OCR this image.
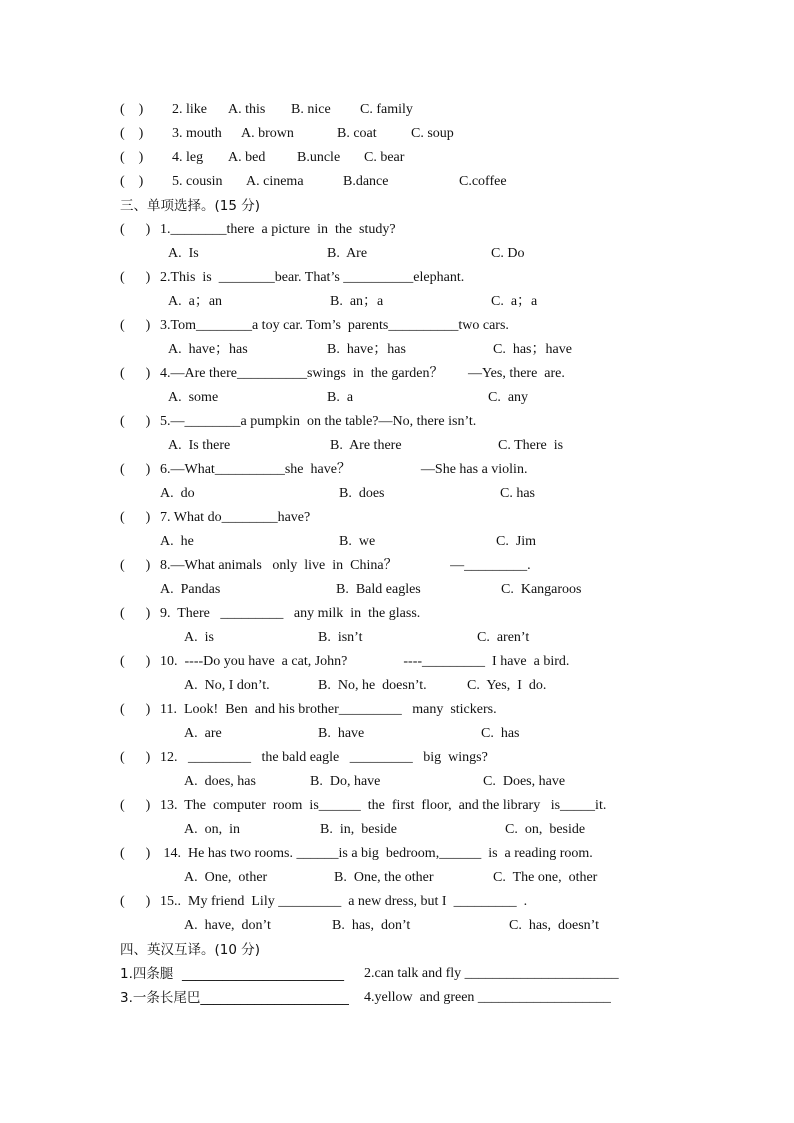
(    )	2. like A. this B. nice C. family
(    )	3. mouth A. brown	B. coat C. soup
(    )	4. leg A. bed B.uncle C. bear
(    )	5. cousin A. cinema	B.dance	C.coffee
三、单项选择。(15 分)
(      ) 1.________there  a picture  in  the  study?
A.  Is	B.  Are	C. Do
(      ) 2.This  is  ________bear. That’s __________elephant.
A.  a；an	B.  an；a	C.  a；a
(      ) 3.Tom________a toy car. Tom’s  parents__________two cars.
A.  have；has	B.  have；has	C.  has；have
(      ) 4.—Are there__________swings  in  the garden？       —Yes, there  are.
A.  some	B.  a	C.  any
(      ) 5.—________a pumpkin  on the table?—No, there isn’t.
A.  Is there	B.  Are there	C. There  is
(      ) 6.—What__________she  have？                    —She has a violin.
A.  do	B.  does	C. has
(      ) 7. What do________have?
A.  he	B.  we	C.  Jim
(      ) 8.—What animals   only  live  in  China？               —_________.
A.  Pandas	B.  Bald eagles	C.  Kangaroos
(      ) 9.  There   _________   any milk  in  the glass.
A.  is	B.  isn’t	C.  aren’t
(      ) 10.  ----Do you have  a cat, John?                ----_________  I have  a bird.
A.  No, I don’t.	B.  No, he  doesn’t.	C.  Yes,  I  do.
(      ) 11.  Look!  Ben  and his brother_________   many  stickers.
A.  are	B.  have	C.  has
(      ) 12.   _________   the bald eagle   _________   big  wings?
A.  does, has	B.  Do, have	C.  Does, have
(      ) 13.  The  computer  room  is______  the  first  floor,  and the library   is_____it.
A.  on,  in	B.  in,  beside	C.  on,  beside
(      ) 14.  He has two rooms. ______is a big  bedroom,______  is  a reading room.
A.  One,  other	B.  One, the other	C.  The one,  other
(      ) 15..  My friend  Lily _________  a new dress, but I  _________  .
A.  have,  don’t	B.  has,  don’t	C.  has,  doesn’t
四、英汉互译。(10 分)
1.四条腿  ________________________ 2.can talk and fly ______________________
3.一条长尾巴______________________ 4.yellow  and green ___________________
